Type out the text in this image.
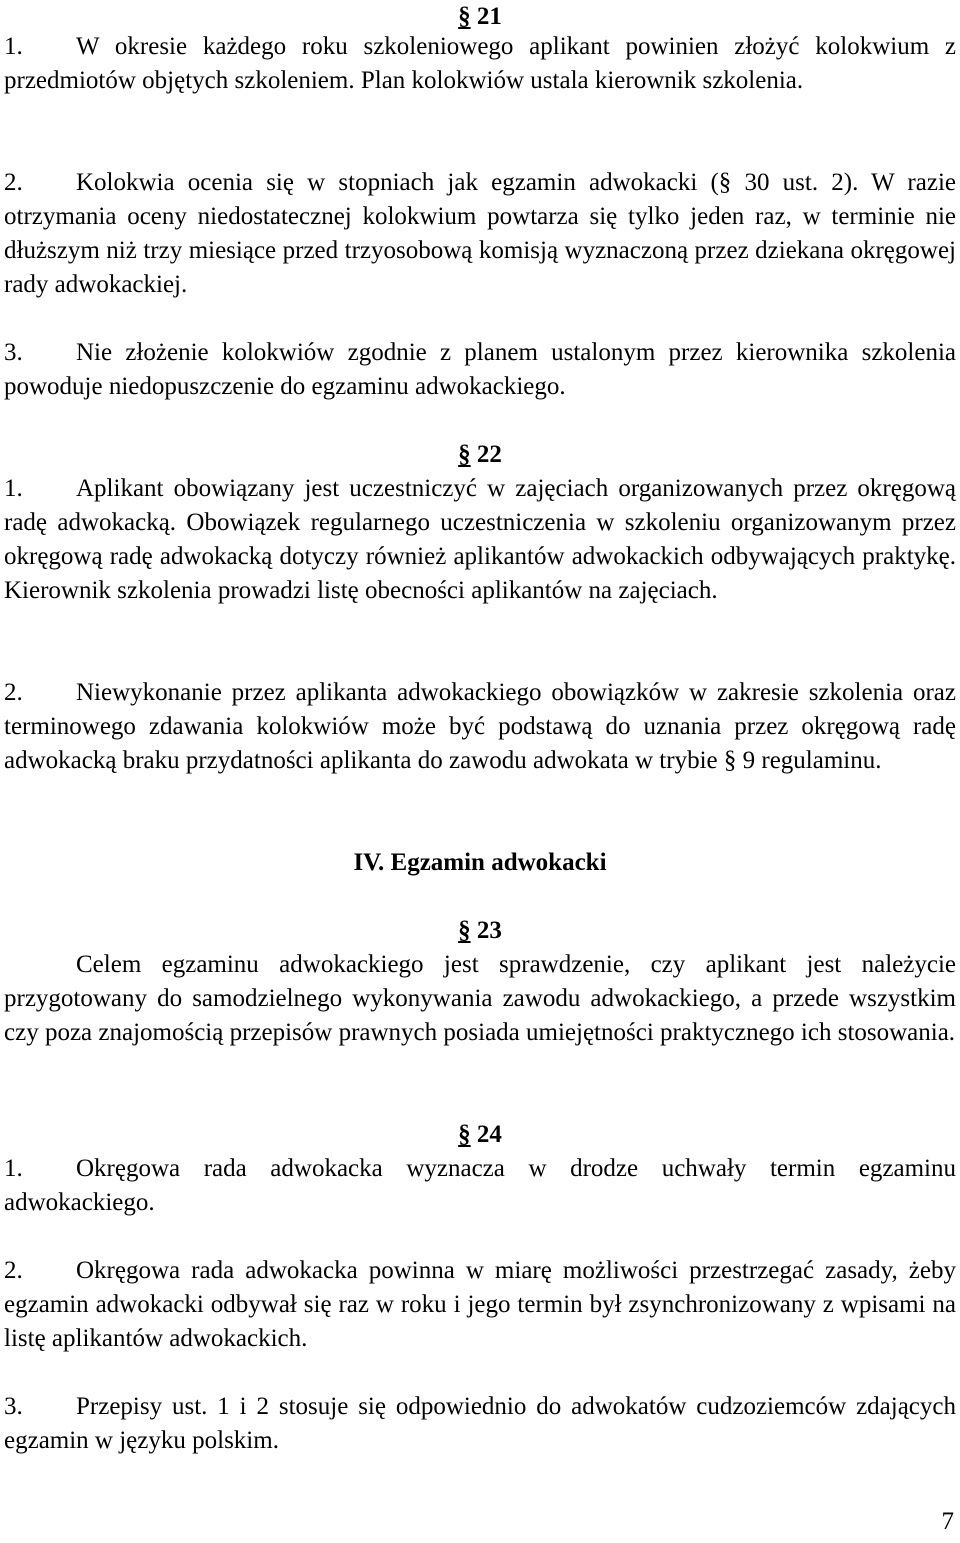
§ 21

1. W okresie każdego roku szkoleniowego aplikant powinien złożyć kolokwium z przedmiotów objętych szkoleniem. Plan kolokwiów ustala kierownik szkolenia.

2. Kolokwia ocenia się w stopniach jak egzamin adwokacki (§ 30 ust. 2). W razie otrzymania oceny niedostatecznej kolokwium powtarza się tylko jeden raz, w terminie nie dłuższym niż trzy miesiące przed trzyosobową komisją wyznaczoną przez dziekana okręgowej rady adwokackiej.

3. Nie złożenie kolokwiów zgodnie z planem ustalonym przez kierownika szkolenia powoduje niedopuszczenie do egzaminu adwokackiego.

§ 22

1. Aplikant obowiązany jest uczestniczyć w zajęciach organizowanych przez okręgową radę adwokacką. Obowiązek regularnego uczestniczenia w szkoleniu organizowanym przez okręgową radę adwokacką dotyczy również aplikantów adwokackich odbywających praktykę. Kierownik szkolenia prowadzi listę obecności aplikantów na zajęciach.

2. Niewykonanie przez aplikanta adwokackiego obowiązków w zakresie szkolenia oraz terminowego zdawania kolokwiów może być podstawą do uznania przez okręgową radę adwokacką braku przydatności aplikanta do zawodu adwokata w trybie § 9 regulaminu.

IV. Egzamin adwokacki
§ 23

Celem egzaminu adwokackiego jest sprawdzenie, czy aplikant jest należycie przygotowany do samodzielnego wykonywania zawodu adwokackiego, a przede wszystkim czy poza znajomością przepisów prawnych posiada umiejętności praktycznego ich stosowania.

§ 24

1. Okręgowa rada adwokacka wyznacza w drodze uchwały termin egzaminu adwokackiego.

2. Okręgowa rada adwokacka powinna w miarę możliwości przestrzegać zasady, żeby egzamin adwokacki odbywał się raz w roku i jego termin był zsynchronizowany z wpisami na listę aplikantów adwokackich.

3. Przepisy ust. 1 i 2 stosuje się odpowiednio do adwokatów cudzoziemców zdających egzamin w języku polskim.

7
